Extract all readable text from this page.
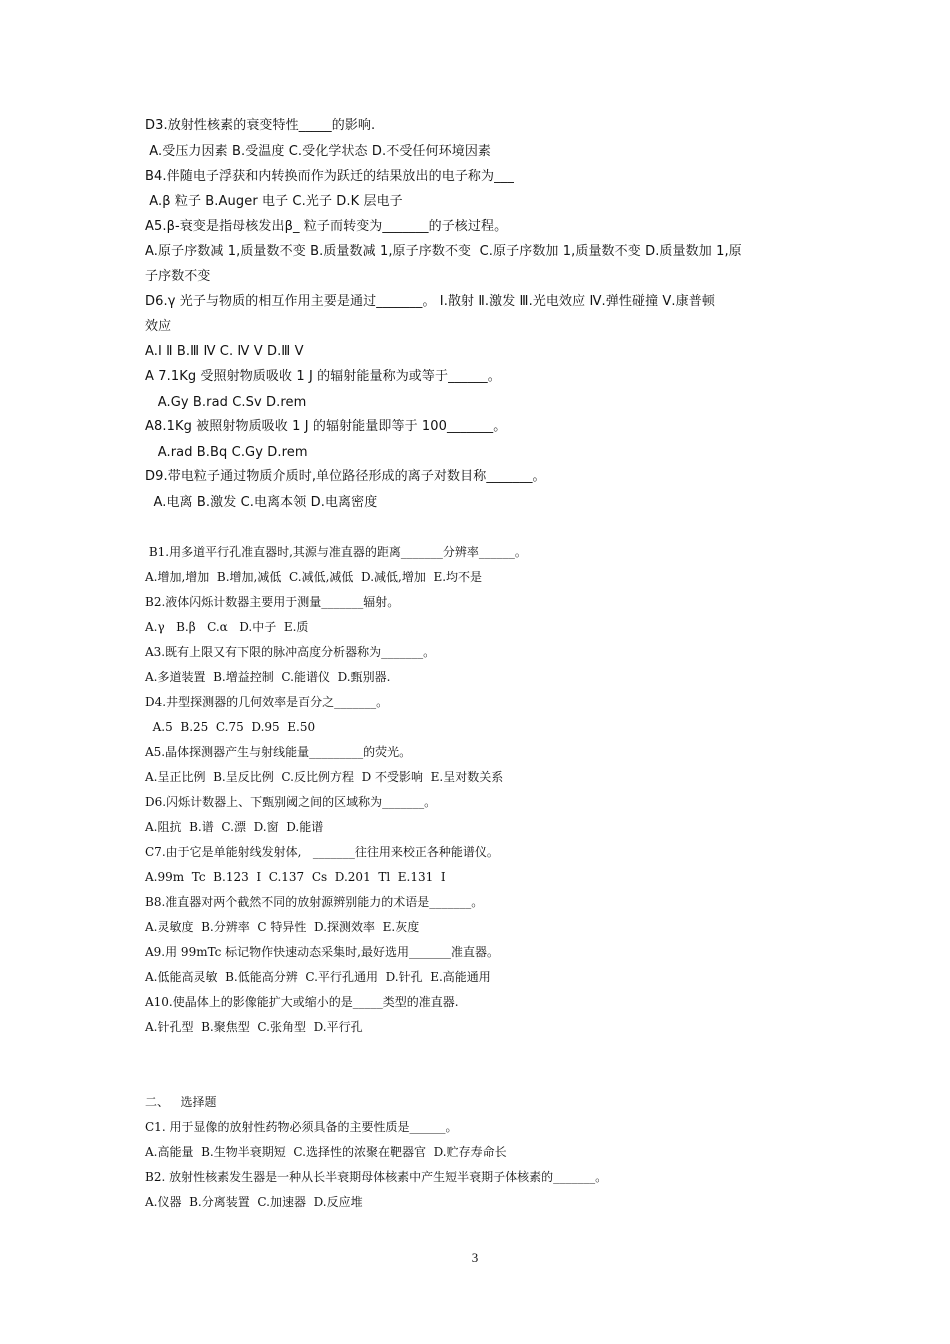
D3.放射性核素的衰变特性_____的影响.
A.受压力因素 B.受温度 C.受化学状态 D.不受任何环境因素
B4.伴随电子浮获和内转换而作为跃迁的结果放出的电子称为___
A.β 粒子 B.Auger 电子 C.光子 D.K 层电子
A5.β-衰变是指母核发出β_ 粒子而转变为_______的子核过程。
A.原子序数减 1,质量数不变 B.质量数减 1,原子序数不变  C.原子序数加 1,质量数不变 D.质量数加 1,原
子序数不变
D6.γ 光子与物质的相互作用主要是通过_______。 Ⅰ.散射 Ⅱ.激发 Ⅲ.光电效应 Ⅳ.弹性碰撞 Ⅴ.康普顿
效应
A.Ⅰ Ⅱ B.Ⅲ Ⅳ C. Ⅳ Ⅴ D.Ⅲ Ⅴ
A 7.1Kg 受照射物质吸收 1 J 的辐射能量称为或等于______。
A.Gy B.rad C.Sv D.rem
A8.1Kg 被照射物质吸收 1 J 的辐射能量即等于 100_______。
A.rad B.Bq C.Gy D.rem
D9.带电粒子通过物质介质时,单位路径形成的离子对数目称_______。
A.电离 B.激发 C.电离本领 D.电离密度
B1.用多道平行孔准直器时,其源与准直器的距离_______分辨率______。
A.增加,增加  B.增加,减低  C.减低,减低  D.减低,增加  E.均不是
B2.液体闪烁计数器主要用于测量_______辐射。
A.γ   B.β   C.α   D.中子  E.质
A3.既有上限又有下限的脉冲高度分析器称为_______。
A.多道装置  B.增益控制  C.能谱仪  D.甄别器.
D4.井型探测器的几何效率是百分之_______。
A.5  B.25  C.75  D.95  E.50
A5.晶体探测器产生与射线能量_________的荧光。
A.呈正比例  B.呈反比例  C.反比例方程  D 不受影响  E.呈对数关系
D6.闪烁计数器上、下甄别阈之间的区域称为_______。
A.阻抗  B.谱  C.漂  D.窗  D.能谱
C7.由于它是单能射线发射体,   _______往往用来校正各种能谱仪。
A.99m  Tc  B.123  I  C.137  Cs  D.201  Tl  E.131  I
B8.准直器对两个截然不同的放射源辨别能力的术语是_______。
A.灵敏度  B.分辨率  C 特异性  D.探测效率  E.灰度
A9.用 99mTc 标记物作快速动态采集时,最好选用_______准直器。
A.低能高灵敏  B.低能高分辨  C.平行孔通用  D.针孔  E.高能通用
A10.使晶体上的影像能扩大或缩小的是_____类型的准直器.
A.针孔型  B.聚焦型  C.张角型  D.平行孔
二、   选择题
C1. 用于显像的放射性药物必须具备的主要性质是______。
A.高能量  B.生物半衰期短  C.选择性的浓聚在靶器官  D.贮存寿命长
B2. 放射性核素发生器是一种从长半衰期母体核素中产生短半衰期子体核素的_______。
A.仪器  B.分离装置  C.加速器  D.反应堆
3
